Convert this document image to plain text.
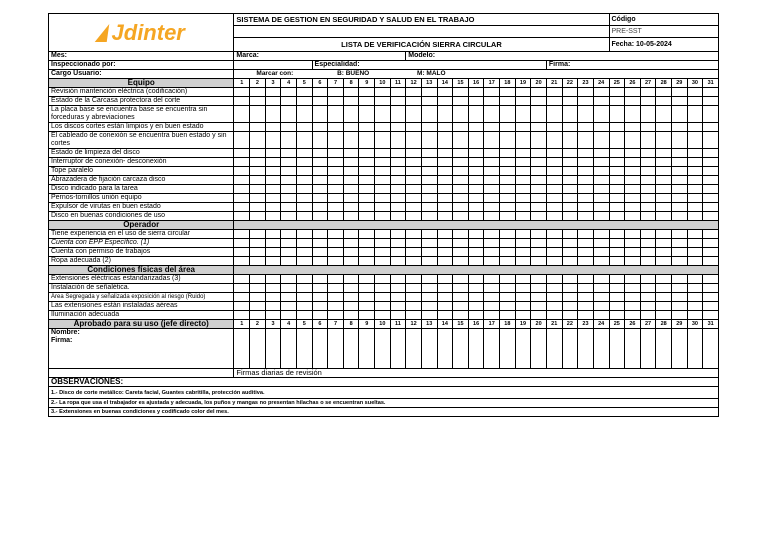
Jdinter	SISTEMA DE GESTION EN SEGURIDAD Y SALUD EN EL TRABAJO																								Código						
																									PRE-SST						
	LISTA DE VERIFICACIÓN SIERRA CIRCULAR																								Fecha: 10-05-2024						
Mes:	Marca:											Modelo:																			
Inspeccionado por:						Especialidad:															Firma:										
Cargo Usuario:	Marcar con: B: BUENO M: MALO																														
Equipo	1	2	3	4	5	6	7	8	9	10	11	12	13	14	15	16	17	18	19	20	21	22	23	24	25	26	27	28	29	30	31
Revisión mantención eléctrica (codificación)																															
Estado de la Carcasa protectora del corte																															
La placa base se encuentra base se encuentra sin forceduras y abreviaciones																															
Los discos cortes están limpios y en buen estado																															
El cableado de conexión se encuentra buen estado y sin cortes																															
Estado de limpieza del disco																															
Interruptor de conexión- desconexión																															
Tope paralelo																															
Abrazadera de fijación carcaza disco																															
Disco indicado para la tarea																															
Pernos-tornillos unión equipo																															
Expulsor de virutas en buen estado																															
Disco en buenas condiciones de uso																															
Operador																															
Tiene experiencia en el uso de sierra circular																															
Cuenta con EPP Específico. (1)																															
Cuenta con permiso de trabajos																															
Ropa adecuada (2)																															
Condiciones físicas del área																															
Extensiones eléctricas estandarizadas (3)																															
Instalación de señalética.																															
Área Segregada y señalizada exposición al riesgo (Ruido)																															
Las extensiones están instaladas aéreas																															
Iluminación adecuada																															
Aprobado para su uso (jefe directo)	1	2	3	4	5	6	7	8	9	10	11	12	13	14	15	16	17	18	19	20	21	22	23	24	25	26	27	28	29	30	31

Nombre:
Firma:																															

	Firmas diarias de revisión																														
OBSERVACIONES:																															
1.- Disco de corte metálico: Careta facial, Guantes cabritilla, protección auditiva.																															
2.- La ropa que usa el trabajador es ajustada y adecuada, los puños y mangas no presentan hilachas o se encuentran sueltas.																															
3.- Extensiones en buenas condiciones y codificado color del mes.																															
